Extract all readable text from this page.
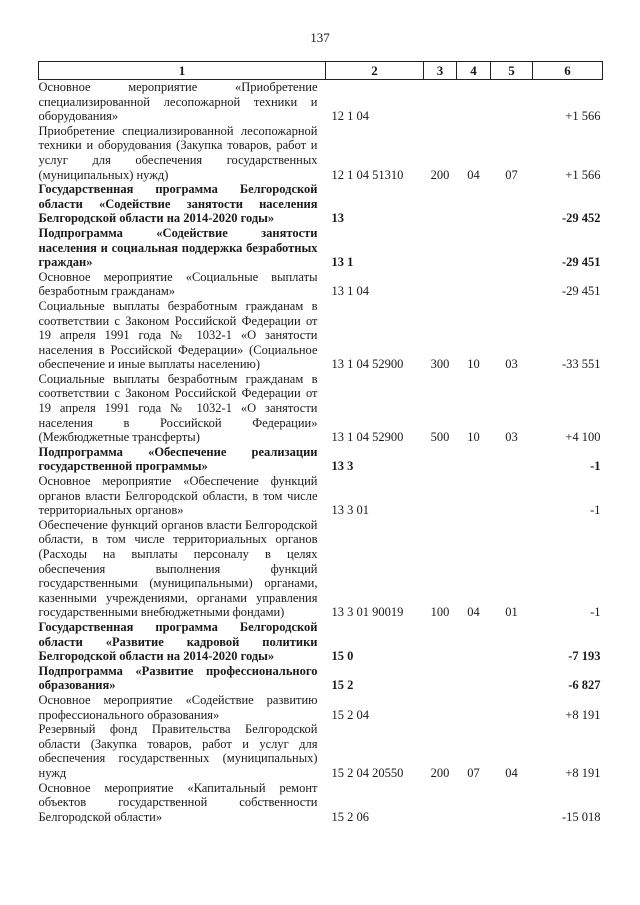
137
1	2	3	4	5	6
Основное мероприятие «Приобретение специализированной лесопожарной техники и оборудования»	12 1 04				+1 566
Приобретение специализированной лесопожарной техники и оборудования (Закупка товаров, работ и услуг для обеспечения государственных (муниципальных) нужд)	12 1 04 51310	200	04	07	+1 566
Государственная программа Белгородской области «Содействие занятости населения Белгородской области на 2014-2020 годы»	13				-29 452
Подпрограмма «Содействие занятости населения и социальная поддержка безработных граждан»	13 1				-29 451
Основное мероприятие «Социальные выплаты безработным гражданам»	13 1 04				-29 451
Социальные выплаты безработным гражданам в соответствии с Законом Российской Федерации от 19 апреля 1991 года № 1032-1 «О занятости населения в Российской Федерации» (Социальное обеспечение и иные выплаты населению)	13 1 04 52900	300	10	03	-33 551
Социальные выплаты безработным гражданам в соответствии с Законом Российской Федерации от 19 апреля 1991 года № 1032-1 «О занятости населения в Российской Федерации» (Межбюджетные трансферты)	13 1 04 52900	500	10	03	+4 100
Подпрограмма «Обеспечение реализации государственной программы»	13 3				-1
Основное мероприятие «Обеспечение функций органов власти Белгородской области, в том числе территориальных органов»	13 3 01				-1
Обеспечение функций органов власти Белгородской области, в том числе территориальных органов (Расходы на выплаты персоналу в целях обеспечения выполнения функций государственными (муниципальными) органами, казенными учреждениями, органами управления государственными внебюджетными фондами)	13 3 01 90019	100	04	01	-1
Государственная программа Белгородской области «Развитие кадровой политики Белгородской области на 2014-2020 годы»	15 0				-7 193
Подпрограмма «Развитие профессионального образования»	15 2				-6 827
Основное мероприятие «Содействие развитию профессионального образования»	15 2 04				+8 191
Резервный фонд Правительства Белгородской области (Закупка товаров, работ и услуг для обеспечения государственных (муниципальных) нужд	15 2 04 20550	200	07	04	+8 191
Основное мероприятие «Капитальный ремонт объектов государственной собственности Белгородской области»	15 2 06				-15 018
